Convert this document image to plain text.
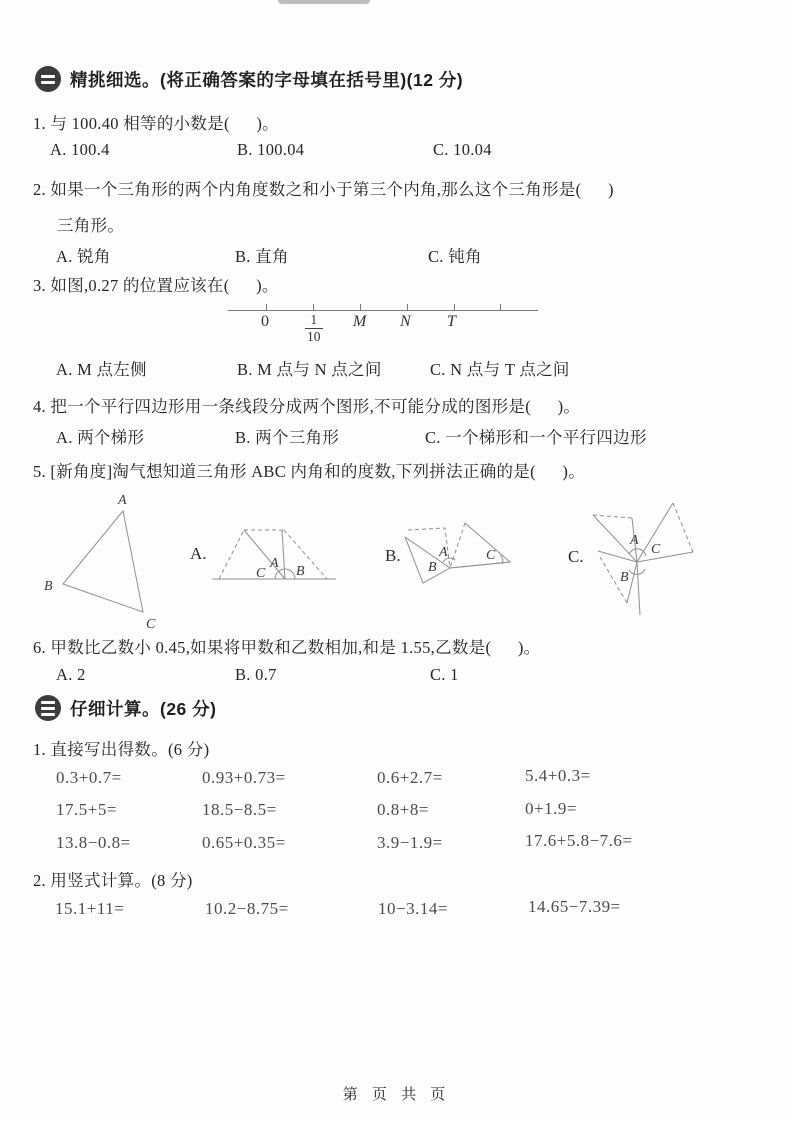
精挑细选。(将正确答案的字母填在括号里)(12 分)
1. 与 100.40 相等的小数是(      )。
A. 100.4	B. 100.04	C. 10.04
2. 如果一个三角形的两个内角度数之和小于第三个内角,那么这个三角形是(      )
三角形。
A. 锐角	B. 直角	C. 钝角
3. 如图,0.27 的位置应该在(      )。
0	$\frac{1}{10}$ M N T
A. M 点左侧	B. M 点与 N 点之间	C. N 点与 T 点之间
4. 把一个平行四边形用一条线段分成两个图形,不可能分成的图形是(      )。
A. 两个梯形	B. 两个三角形	C. 一个梯形和一个平行四边形
5. [新角度]淘气想知道三角形 ABC 内角和的度数,下列拼法正确的是(      )。
A
B
C
A.
A
C B
B.	A
B
C	C.
A
C
B
6. 甲数比乙数小 0.45,如果将甲数和乙数相加,和是 1.55,乙数是(      )。
A. 2	B. 0.7	C. 1
仔细计算。(26 分)
1. 直接写出得数。(6 分)
0.3+0.7=	0.93+0.73=	0.6+2.7=	5.4+0.3=
17.5+5=	18.5−8.5=	0.8+8=	0+1.9=
13.8−0.8=	0.65+0.35=	3.9−1.9=	17.6+5.8−7.6=
2. 用竖式计算。(8 分)
15.1+11=	10.2−8.75=	10−3.14=	14.65−7.39=
第 页 共 页
